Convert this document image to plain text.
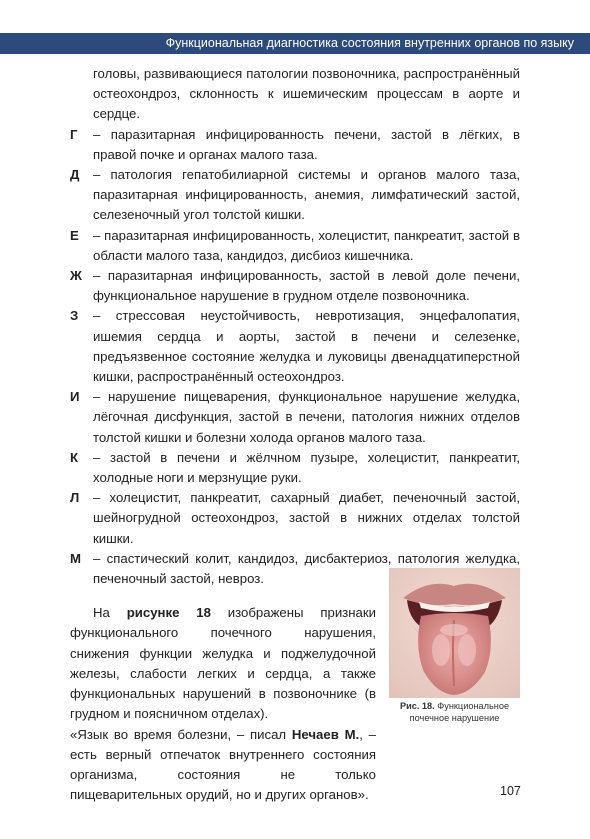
Функциональная диагностика состояния внутренних органов по языку
головы, развивающиеся патологии позвоночника, распространённый остеохондроз, склонность к ишемическим процессам в аорте и сердце.
Г – паразитарная инфицированность печени, застой в лёгких, в правой почке и органах малого таза.
Д – патология гепатобилиарной системы и органов малого таза, паразитарная инфицированность, анемия, лимфатический застой, селезеночный угол толстой кишки.
Е – паразитарная инфицированность, холецистит, панкреатит, застой в области малого таза, кандидоз, дисбиоз кишечника.
Ж – паразитарная инфицированность, застой в левой доле печени, функциональное нарушение в грудном отделе позвоночника.
З – стрессовая неустойчивость, невротизация, энцефалопатия, ишемия сердца и аорты, застой в печени и селезенке, предъязвенное состояние желудка и луковицы двенадцатиперстной кишки, распространённый остеохондроз.
И – нарушение пищеварения, функциональное нарушение желудка, лёгочная дисфункция, застой в печени, патология нижних отделов толстой кишки и болезни холода органов малого таза.
К – застой в печени и жёлчном пузыре, холецистит, панкреатит, холодные ноги и мерзнущие руки.
Л – холецистит, панкреатит, сахарный диабет, печеночный застой, шейногрудной остеохондроз, застой в нижних отделах толстой кишки.
М – спастический колит, кандидоз, дисбактериоз, патология желудка, печеночный застой, невроз.
На рисунке 18 изображены признаки функционального почечного нарушения, снижения функции желудка и поджелудочной железы, слабости легких и сердца, а также функциональных нарушений в позвоночнике (в грудном и поясничном отделах).
«Язык во время болезни, – писал Нечаев М., – есть верный отпечаток внутреннего состояния организма, состояния не только пищеварительных орудий, но и других органов».
Рис. 18. Функциональное почечное нарушение
107
